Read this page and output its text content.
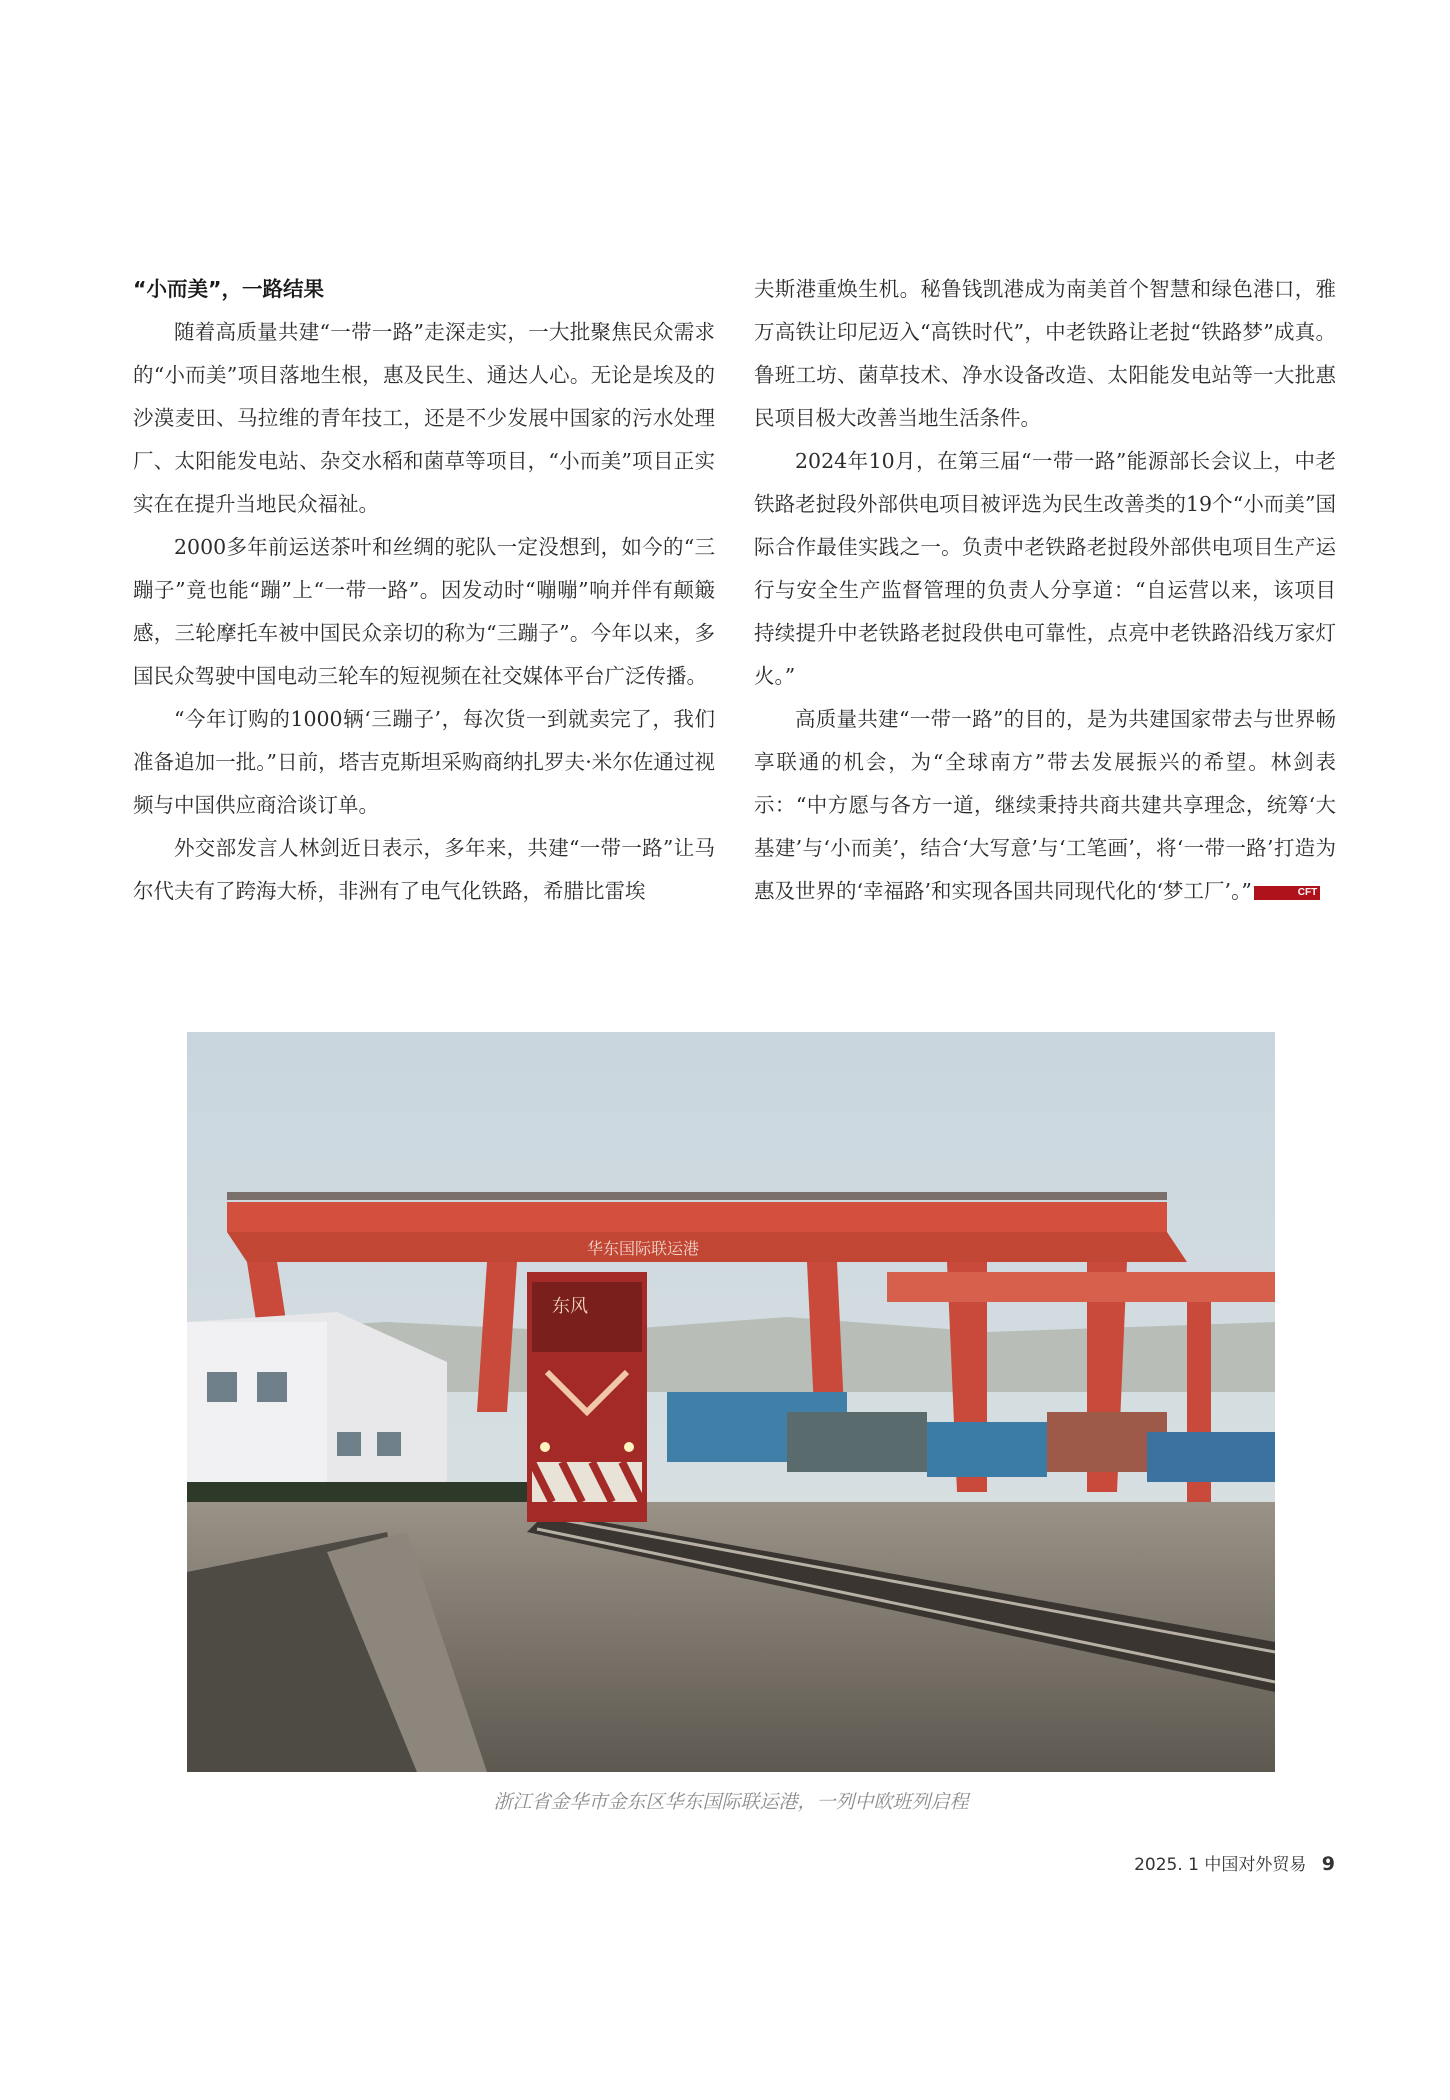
“小而美”，一路结果

随着高质量共建“一带一路”走深走实，一大批聚焦民众需求的“小而美”项目落地生根，惠及民生、通达人心。无论是埃及的沙漠麦田、马拉维的青年技工，还是不少发展中国家的污水处理厂、太阳能发电站、杂交水稻和菌草等项目，“小而美”项目正实实在在提升当地民众福祉。

2000多年前运送茶叶和丝绸的驼队一定没想到，如今的“三蹦子”竟也能“蹦”上“一带一路”。因发动时“嘣嘣”响并伴有颠簸感，三轮摩托车被中国民众亲切的称为“三蹦子”。今年以来，多国民众驾驶中国电动三轮车的短视频在社交媒体平台广泛传播。

“今年订购的1000辆‘三蹦子’，每次货一到就卖完了，我们准备追加一批。”日前，塔吉克斯坦采购商纳扎罗夫·米尔佐通过视频与中国供应商洽谈订单。

外交部发言人林剑近日表示，多年来，共建“一带一路”让马尔代夫有了跨海大桥，非洲有了电气化铁路，希腊比雷埃

夫斯港重焕生机。秘鲁钱凯港成为南美首个智慧和绿色港口，雅万高铁让印尼迈入“高铁时代”，中老铁路让老挝“铁路梦”成真。鲁班工坊、菌草技术、净水设备改造、太阳能发电站等一大批惠民项目极大改善当地生活条件。

2024年10月，在第三届“一带一路”能源部长会议上，中老铁路老挝段外部供电项目被评选为民生改善类的19个“小而美”国际合作最佳实践之一。负责中老铁路老挝段外部供电项目生产运行与安全生产监督管理的负责人分享道：“自运营以来，该项目持续提升中老铁路老挝段供电可靠性，点亮中老铁路沿线万家灯火。”

高质量共建“一带一路”的目的，是为共建国家带去与世界畅享联通的机会，为“全球南方”带去发展振兴的希望。林剑表示：“中方愿与各方一道，继续秉持共商共建共享理念，统筹‘大基建’与‘小而美’，结合‘大写意’与‘工笔画’，将‘一带一路’打造为惠及世界的‘幸福路’和实现各国共同现代化的‘梦工厂’。”	CFT

华东国际联运港
东风
浙江省金华市金东区华东国际联运港，一列中欧班列启程
2025. 1 中国对外贸易 9
